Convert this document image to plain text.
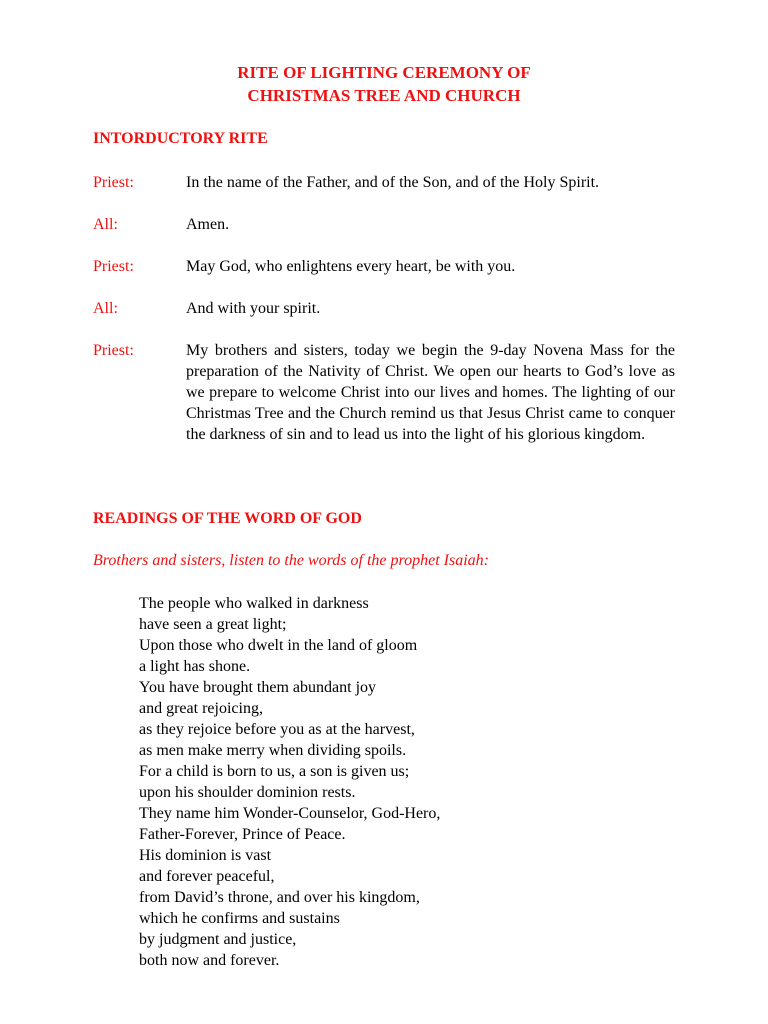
RITE OF LIGHTING CEREMONY OF
CHRISTMAS TREE AND CHURCH
INTORDUCTORY RITE
Priest:	In the name of the Father, and of the Son, and of the Holy Spirit.
All:	Amen.
Priest:	May God, who enlightens every heart, be with you.
All:	And with your spirit.
Priest:	My brothers and sisters, today we begin the 9-day Novena Mass for the preparation of the Nativity of Christ. We open our hearts to God’s love as we prepare to welcome Christ into our lives and homes. The lighting of our Christmas Tree and the Church remind us that Jesus Christ came to conquer the darkness of sin and to lead us into the light of his glorious kingdom.
READINGS OF THE WORD OF GOD
Brothers and sisters, listen to the words of the prophet Isaiah:
The people who walked in darkness
have seen a great light;
Upon those who dwelt in the land of gloom
a light has shone.
You have brought them abundant joy
and great rejoicing,
as they rejoice before you as at the harvest,
as men make merry when dividing spoils.
For a child is born to us, a son is given us;
upon his shoulder dominion rests.
They name him Wonder-Counselor, God-Hero,
Father-Forever, Prince of Peace.
His dominion is vast
and forever peaceful,
from David’s throne, and over his kingdom,
which he confirms and sustains
by judgment and justice,
both now and forever.
